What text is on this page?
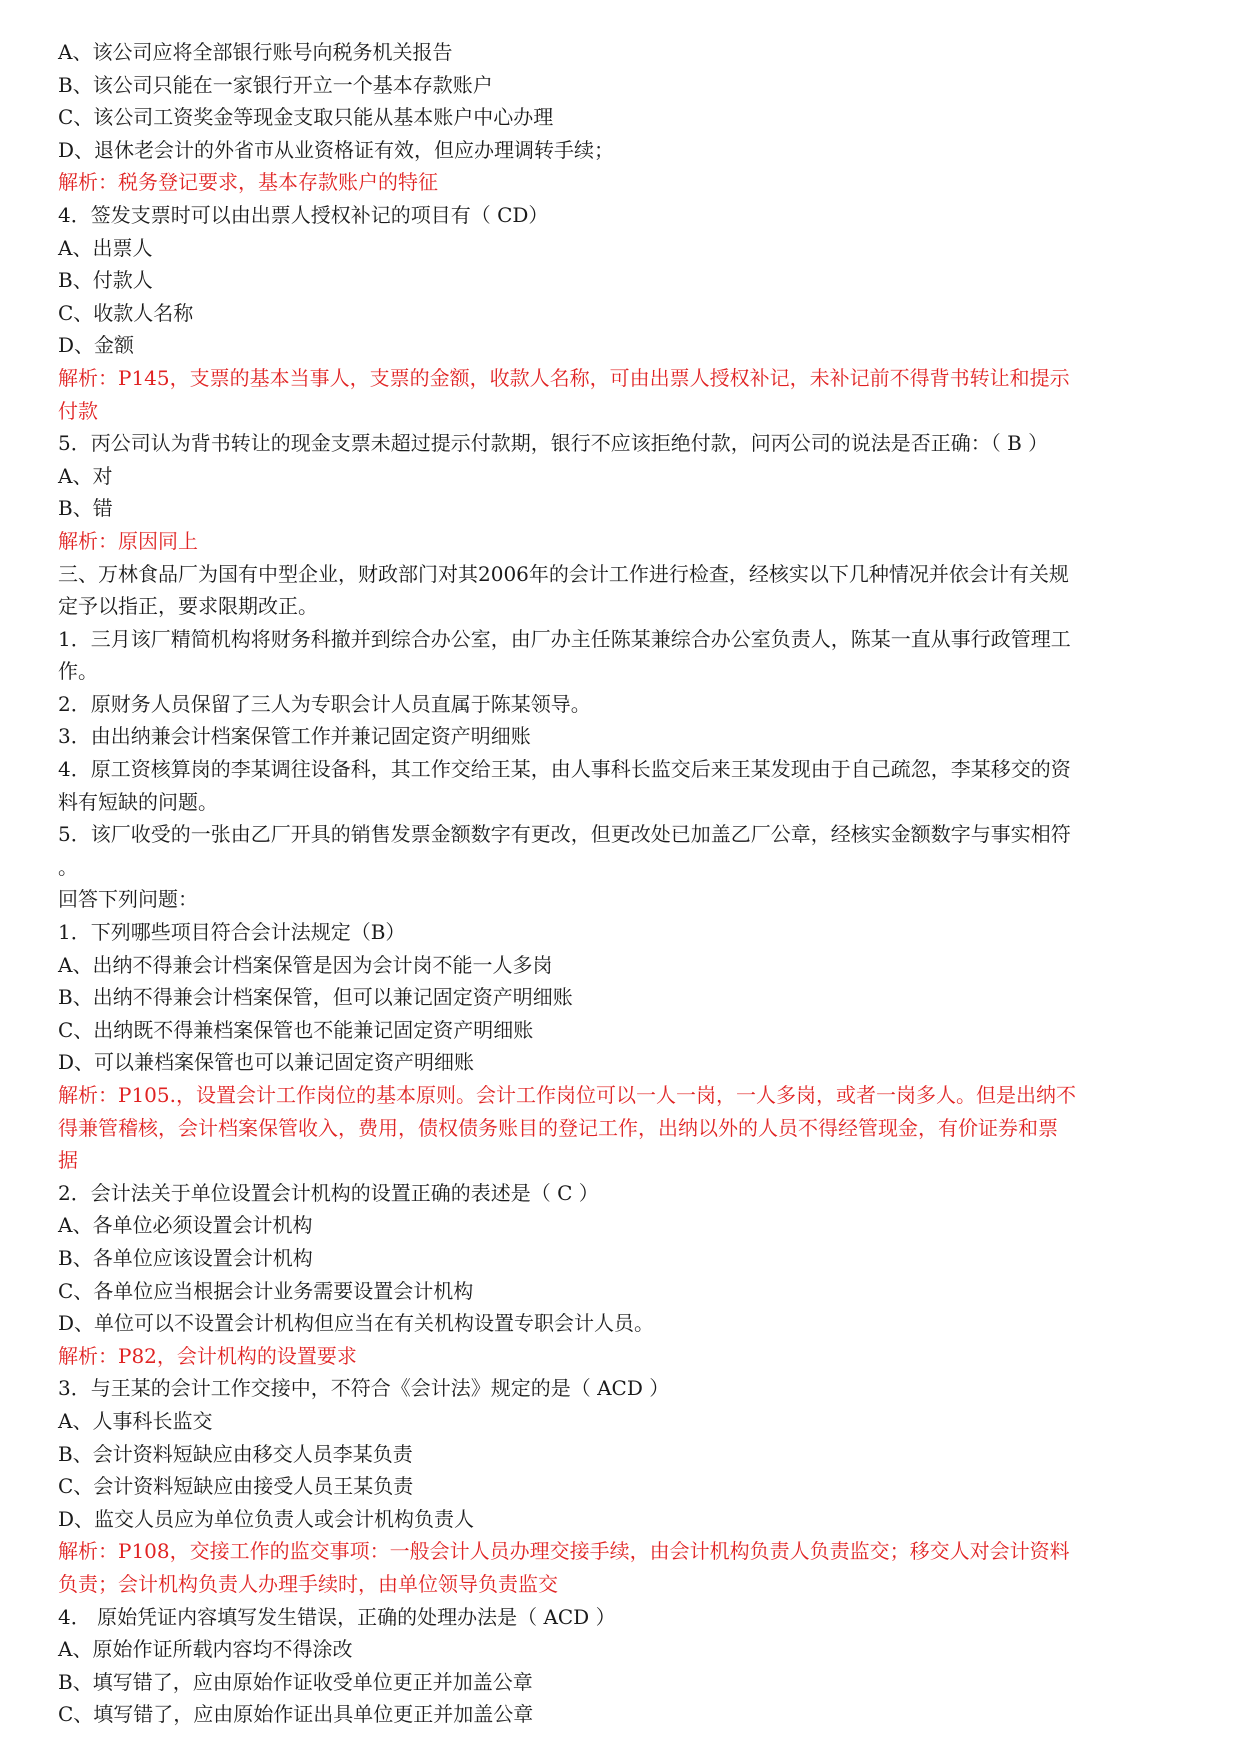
A、该公司应将全部银行账号向税务机关报告

B、该公司只能在一家银行开立一个基本存款账户

C、该公司工资奖金等现金支取只能从基本账户中心办理

D、退休老会计的外省市从业资格证有效，但应办理调转手续；

解析：税务登记要求，基本存款账户的特征

4．签发支票时可以由出票人授权补记的项目有（ CD）

A、出票人

B、付款人

C、收款人名称

D、金额

解析：P145，支票的基本当事人，支票的金额，收款人名称，可由出票人授权补记，未补记前不得背书转让和提示

付款

5．丙公司认为背书转让的现金支票未超过提示付款期，银行不应该拒绝付款，问丙公司的说法是否正确：（ B ）

A、对

B、错

解析：原因同上

三、万林食品厂为国有中型企业，财政部门对其2006年的会计工作进行检查，经核实以下几种情况并依会计有关规

定予以指正，要求限期改正。

1．三月该厂精简机构将财务科撤并到综合办公室，由厂办主任陈某兼综合办公室负责人，陈某一直从事行政管理工

作。

2．原财务人员保留了三人为专职会计人员直属于陈某领导。

3．由出纳兼会计档案保管工作并兼记固定资产明细账

4．原工资核算岗的李某调往设备科，其工作交给王某，由人事科长监交后来王某发现由于自己疏忽，李某移交的资

料有短缺的问题。

5．该厂收受的一张由乙厂开具的销售发票金额数字有更改，但更改处已加盖乙厂公章，经核实金额数字与事实相符

。

回答下列问题：

1．下列哪些项目符合会计法规定（B）

A、出纳不得兼会计档案保管是因为会计岗不能一人多岗

B、出纳不得兼会计档案保管，但可以兼记固定资产明细账

C、出纳既不得兼档案保管也不能兼记固定资产明细账

D、可以兼档案保管也可以兼记固定资产明细账

解析：P105.，设置会计工作岗位的基本原则。会计工作岗位可以一人一岗，一人多岗，或者一岗多人。但是出纳不

得兼管稽核，会计档案保管收入，费用，债权债务账目的登记工作，出纳以外的人员不得经管现金，有价证券和票

据

2．会计法关于单位设置会计机构的设置正确的表述是（ C ）

A、各单位必须设置会计机构

B、各单位应该设置会计机构

C、各单位应当根据会计业务需要设置会计机构

D、单位可以不设置会计机构但应当在有关机构设置专职会计人员。

解析：P82，会计机构的设置要求

3．与王某的会计工作交接中，不符合《会计法》规定的是（ ACD ）

A、人事科长监交

B、会计资料短缺应由移交人员李某负责

C、会计资料短缺应由接受人员王某负责

D、监交人员应为单位负责人或会计机构负责人

解析：P108，交接工作的监交事项：一般会计人员办理交接手续，由会计机构负责人负责监交；移交人对会计资料

负责；会计机构负责人办理手续时，由单位领导负责监交

4． 原始凭证内容填写发生错误，正确的处理办法是（ ACD ）

A、原始作证所载内容均不得涂改

B、填写错了，应由原始作证收受单位更正并加盖公章

C、填写错了，应由原始作证出具单位更正并加盖公章
